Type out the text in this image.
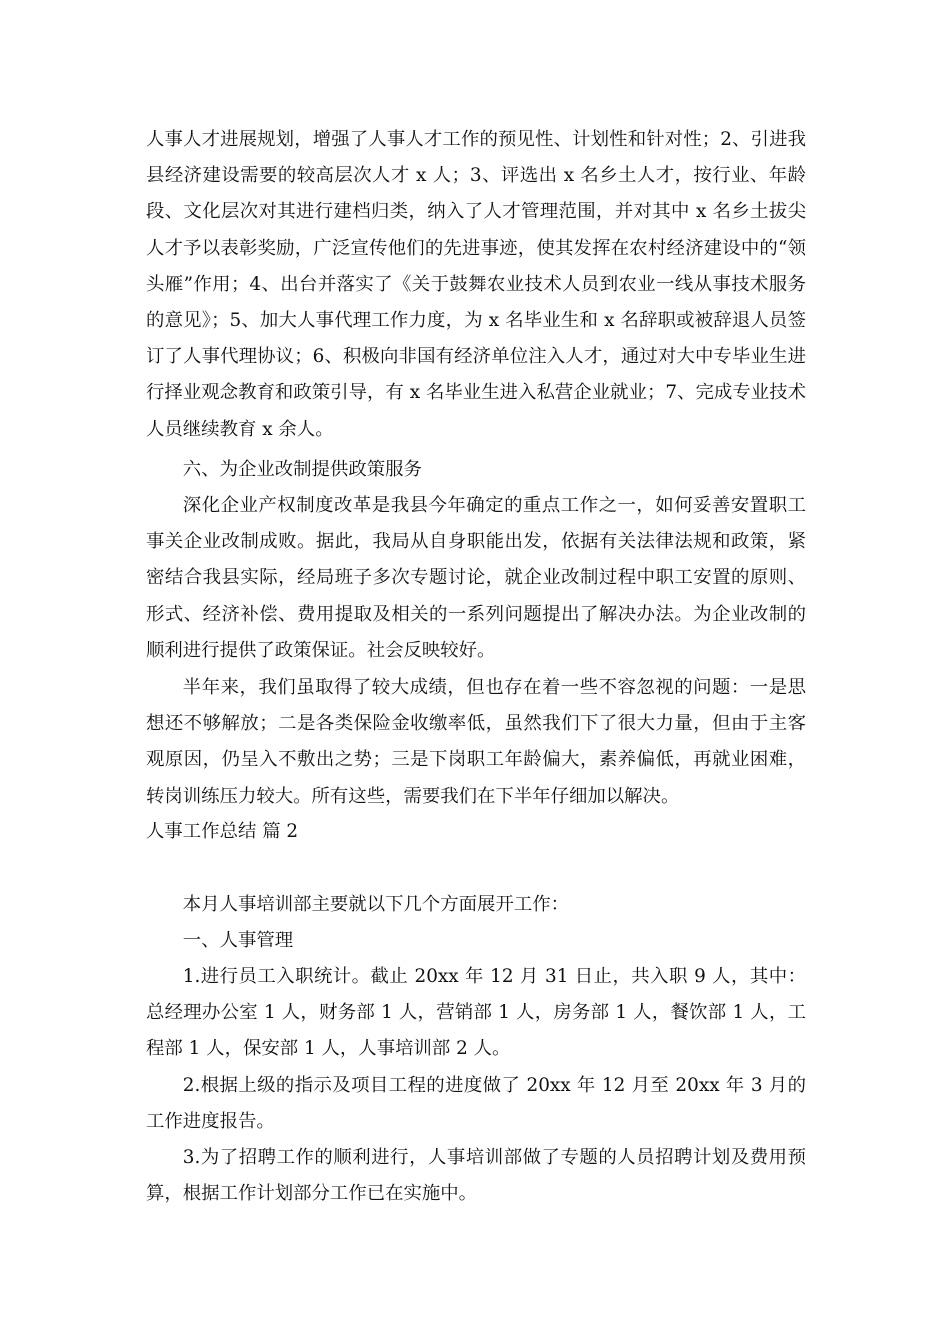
人事人才进展规划，增强了人事人才工作的预见性、计划性和针对性；2、引进我县经济建设需要的较高层次人才 x 人；3、评选出 x 名乡土人才，按行业、年龄段、文化层次对其进行建档归类，纳入了人才管理范围，并对其中 x 名乡土拔尖人才予以表彰奖励，广泛宣传他们的先进事迹，使其发挥在农村经济建设中的“领头雁”作用；4、出台并落实了《关于鼓舞农业技术人员到农业一线从事技术服务的意见》；5、加大人事代理工作力度，为 x 名毕业生和 x 名辞职或被辞退人员签订了人事代理协议；6、积极向非国有经济单位注入人才，通过对大中专毕业生进行择业观念教育和政策引导，有 x 名毕业生进入私营企业就业；7、完成专业技术人员继续教育 x 余人。

六、为企业改制提供政策服务

深化企业产权制度改革是我县今年确定的重点工作之一，如何妥善安置职工事关企业改制成败。据此，我局从自身职能出发，依据有关法律法规和政策，紧密结合我县实际，经局班子多次专题讨论，就企业改制过程中职工安置的原则、形式、经济补偿、费用提取及相关的一系列问题提出了解决办法。为企业改制的顺利进行提供了政策保证。社会反映较好。

半年来，我们虽取得了较大成绩，但也存在着一些不容忽视的问题：一是思想还不够解放；二是各类保险金收缴率低，虽然我们下了很大力量，但由于主客观原因，仍呈入不敷出之势；三是下岗职工年龄偏大，素养偏低，再就业困难，转岗训练压力较大。所有这些，需要我们在下半年仔细加以解决。

人事工作总结 篇 2

本月人事培训部主要就以下几个方面展开工作：

一、人事管理

1.进行员工入职统计。截止 20xx 年 12 月 31 日止，共入职 9 人，其中：总经理办公室 1 人，财务部 1 人，营销部 1 人，房务部 1 人，餐饮部 1 人，工程部 1 人，保安部 1 人，人事培训部 2 人。

2.根据上级的指示及项目工程的进度做了 20xx 年 12 月至 20xx 年 3 月的工作进度报告。

3.为了招聘工作的顺利进行，人事培训部做了专题的人员招聘计划及费用预算，根据工作计划部分工作已在实施中。
